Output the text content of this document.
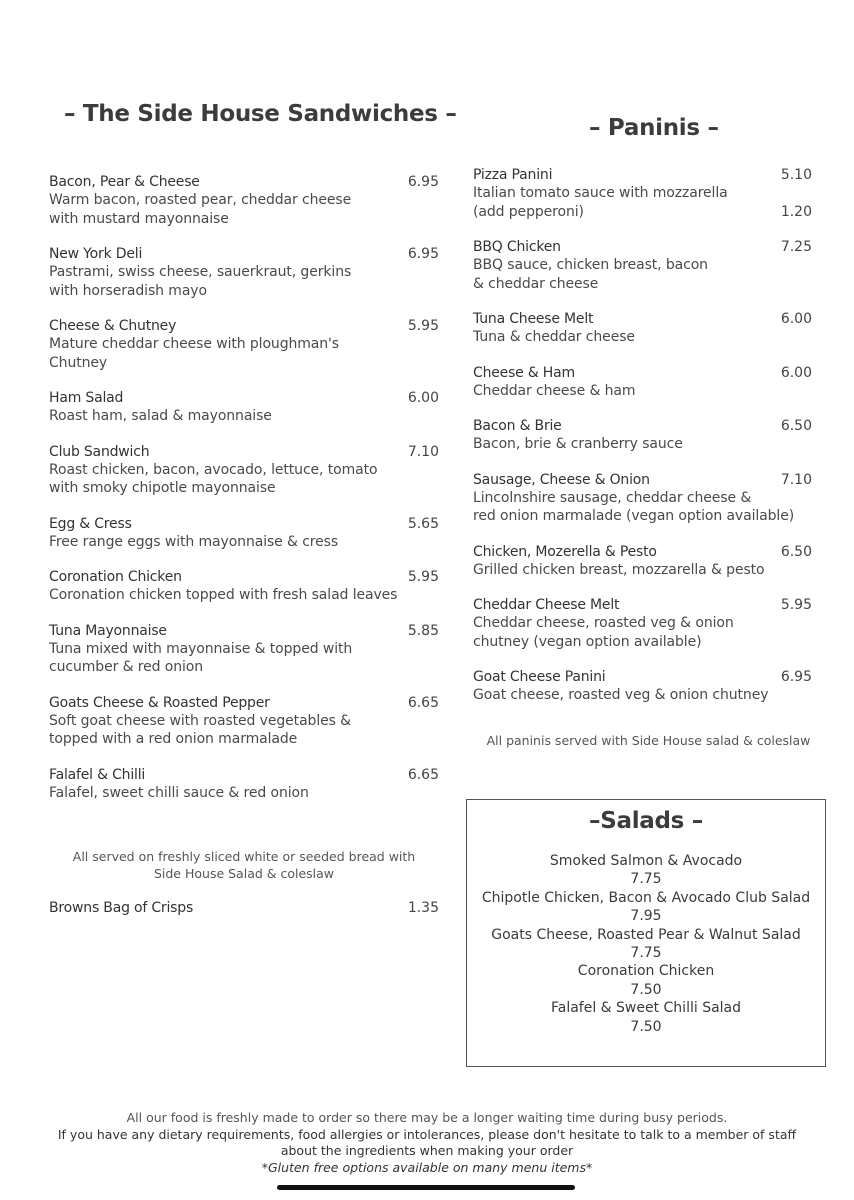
– The Side House Sandwiches –
Bacon, Pear & Cheese	6.95
Warm bacon, roasted pear, cheddar cheese
with mustard mayonnaise
New York Deli	6.95
Pastrami, swiss cheese, sauerkraut, gerkins
with horseradish mayo
Cheese & Chutney	5.95
Mature cheddar cheese with ploughman's
Chutney
Ham Salad	6.00
Roast ham, salad & mayonnaise
Club Sandwich	7.10
Roast chicken, bacon, avocado, lettuce, tomato
with smoky chipotle mayonnaise
Egg & Cress	5.65
Free range eggs with mayonnaise & cress
Coronation Chicken	5.95
Coronation chicken topped with fresh salad leaves
Tuna Mayonnaise	5.85
Tuna mixed with mayonnaise & topped with
cucumber & red onion
Goats Cheese & Roasted Pepper	6.65
Soft goat cheese with roasted vegetables &
topped with a red onion marmalade
Falafel & Chilli	6.65
Falafel, sweet chilli sauce & red onion
All served on freshly sliced white or seeded bread with
Side House Salad & coleslaw
Browns Bag of Crisps	1.35
– Paninis –
Pizza Panini	5.10
Italian tomato sauce with mozzarella
(add pepperoni)	1.20
BBQ Chicken	7.25
BBQ sauce, chicken breast, bacon
& cheddar cheese
Tuna Cheese Melt	6.00
Tuna & cheddar cheese
Cheese & Ham	6.00
Cheddar cheese & ham
Bacon & Brie	6.50
Bacon, brie & cranberry sauce
Sausage, Cheese & Onion	7.10
Lincolnshire sausage, cheddar cheese &
red onion marmalade (vegan option available)
Chicken, Mozerella & Pesto	6.50
Grilled chicken breast, mozzarella & pesto
Cheddar Cheese Melt	5.95
Cheddar cheese, roasted veg & onion
chutney (vegan option available)
Goat Cheese Panini	6.95
Goat cheese, roasted veg & onion chutney
All paninis served with Side House salad & coleslaw
–Salads –
Smoked Salmon & Avocado
7.75
Chipotle Chicken, Bacon & Avocado Club Salad
7.95
Goats Cheese, Roasted Pear & Walnut Salad
7.75
Coronation Chicken
7.50
Falafel & Sweet Chilli Salad
7.50
All our food is freshly made to order so there may be a longer waiting time during busy periods.
If you have any dietary requirements, food allergies or intolerances, please don't hesitate to talk to a member of staff
about the ingredients when making your order
*Gluten free options available on many menu items*
